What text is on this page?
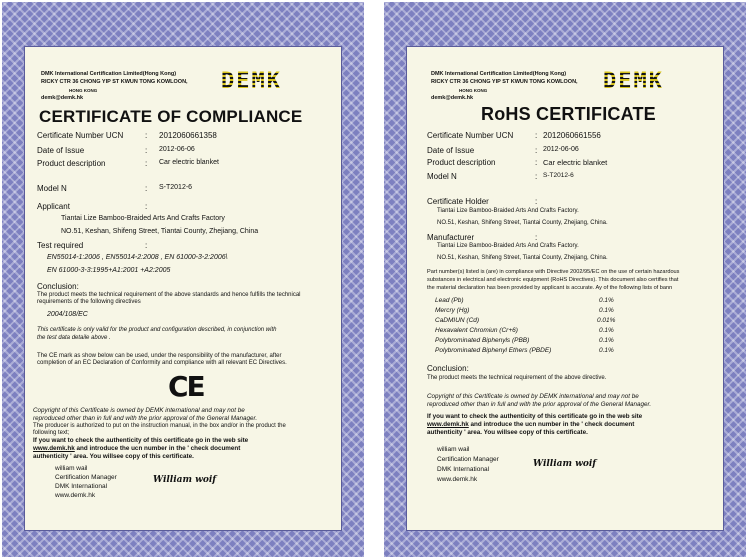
DMK International Certification Limited(Hong Kong)
RICKY CTR 36 CHONG YIP ST KWUN TONG KOWLOON,
HONG KONG
demk@demk.hk
DEMK
CERTIFICATE OF COMPLIANCE
Certificate Number UCN	: 2012060661358
Date of Issue	: 2012-06-06
Product description	: Car electric blanket
Model N	: S-T2012-6
Applicant	:
Tiantai Lize Bamboo-Braided Arts And Crafts Factory
NO.51, Keshan, Shifeng Street, Tiantai County, Zhejiang, China
Test required	:
EN55014-1:2006 , EN55014-2:2008 , EN 61000-3-2:2006\
EN 61000-3-3:1995+A1:2001 +A2:2005
Conclusion:
The product meets the technical requirement of the above standards and hence fulfills the technical
requirements of the following directives
2004/108/EC
This certificate is only valid for the product and configuration described, in conjunction with
the test data detaile above .
The CE mark as show below can be used, under the responsibility of the manufacturer, after
completion of an EC Declaration of Conformity and compliance with all relevant EC Directives.
CE
Copyright of this Certificate is owned by DEMK international and may not be
reproduced other than in full and with the prior approval of the General Manager.
The producer is authorized to put on the instruction manual, in the box and/or in the product the
following text;
If you want to check the authenticity of this certificate go in the web site
www.demk.hk and introduce the ucn number in the ' check document
authenticity ' area. You willsee copy of this certificate.
william wail
Certification Manager
DMK International
www.demk.hk
William woif
DMK International Certification Limited(Hong Kong)
RICKY CTR 36 CHONG YIP ST KWUN TONG KOWLOON,
HONG KONG
demk@demk.hk
DEMK
RoHS CERTIFICATE
Certificate Number UCN	: 2012060661556
Date of Issue	: 2012-06-06
Product description	: Car electric blanket
Model N	: S-T2012-6
Certificate Holder	:
Tiantai Lize Bamboo-Braided Arts And Crafts Factory.
NO.51, Keshan, Shifeng Street, Tiantai County, Zhejiang, China.
Manufacturer	:
Tiantai Lize Bamboo-Braided Arts And Crafts Factory.
NO.51, Keshan, Shifeng Street, Tiantai County, Zhejiang, China.
Part number(s) listed is (are) in compliance with Directive 2002/95/EC on the use of certain hazardous
substances in electrical and electronic equipment (RoHS Directives). This document also certifies that
the material declaration has been provided by applicant is accurate. Ay of the following lists of bann
Lead (Pb)	0.1%
Mercry (Hg)	0.1%
CaDMIUN (Cd)	0.01%
Hexavalent Chromiun (Cr+6)	0.1%
Polybrominated Biphenyls (PBB)	0.1%
Polybrominated Biphenyl Ethers (PBDE)	0.1%
Conclusion:
The product meets the technical requirement of the above directive.
Copyright of this Certificate is owned by DEMK international and may not be
reproduced other than in full and with the prior approval of the General Manager.
If you want to check the authenticity of this certificate go in the web site
www.demk.hk and introduce the ucn number in the ' check document
authenticity ' area. You willsee copy of this certificate.
william wail
Certification Manager
DMK International
www.demk.hk
William woif
